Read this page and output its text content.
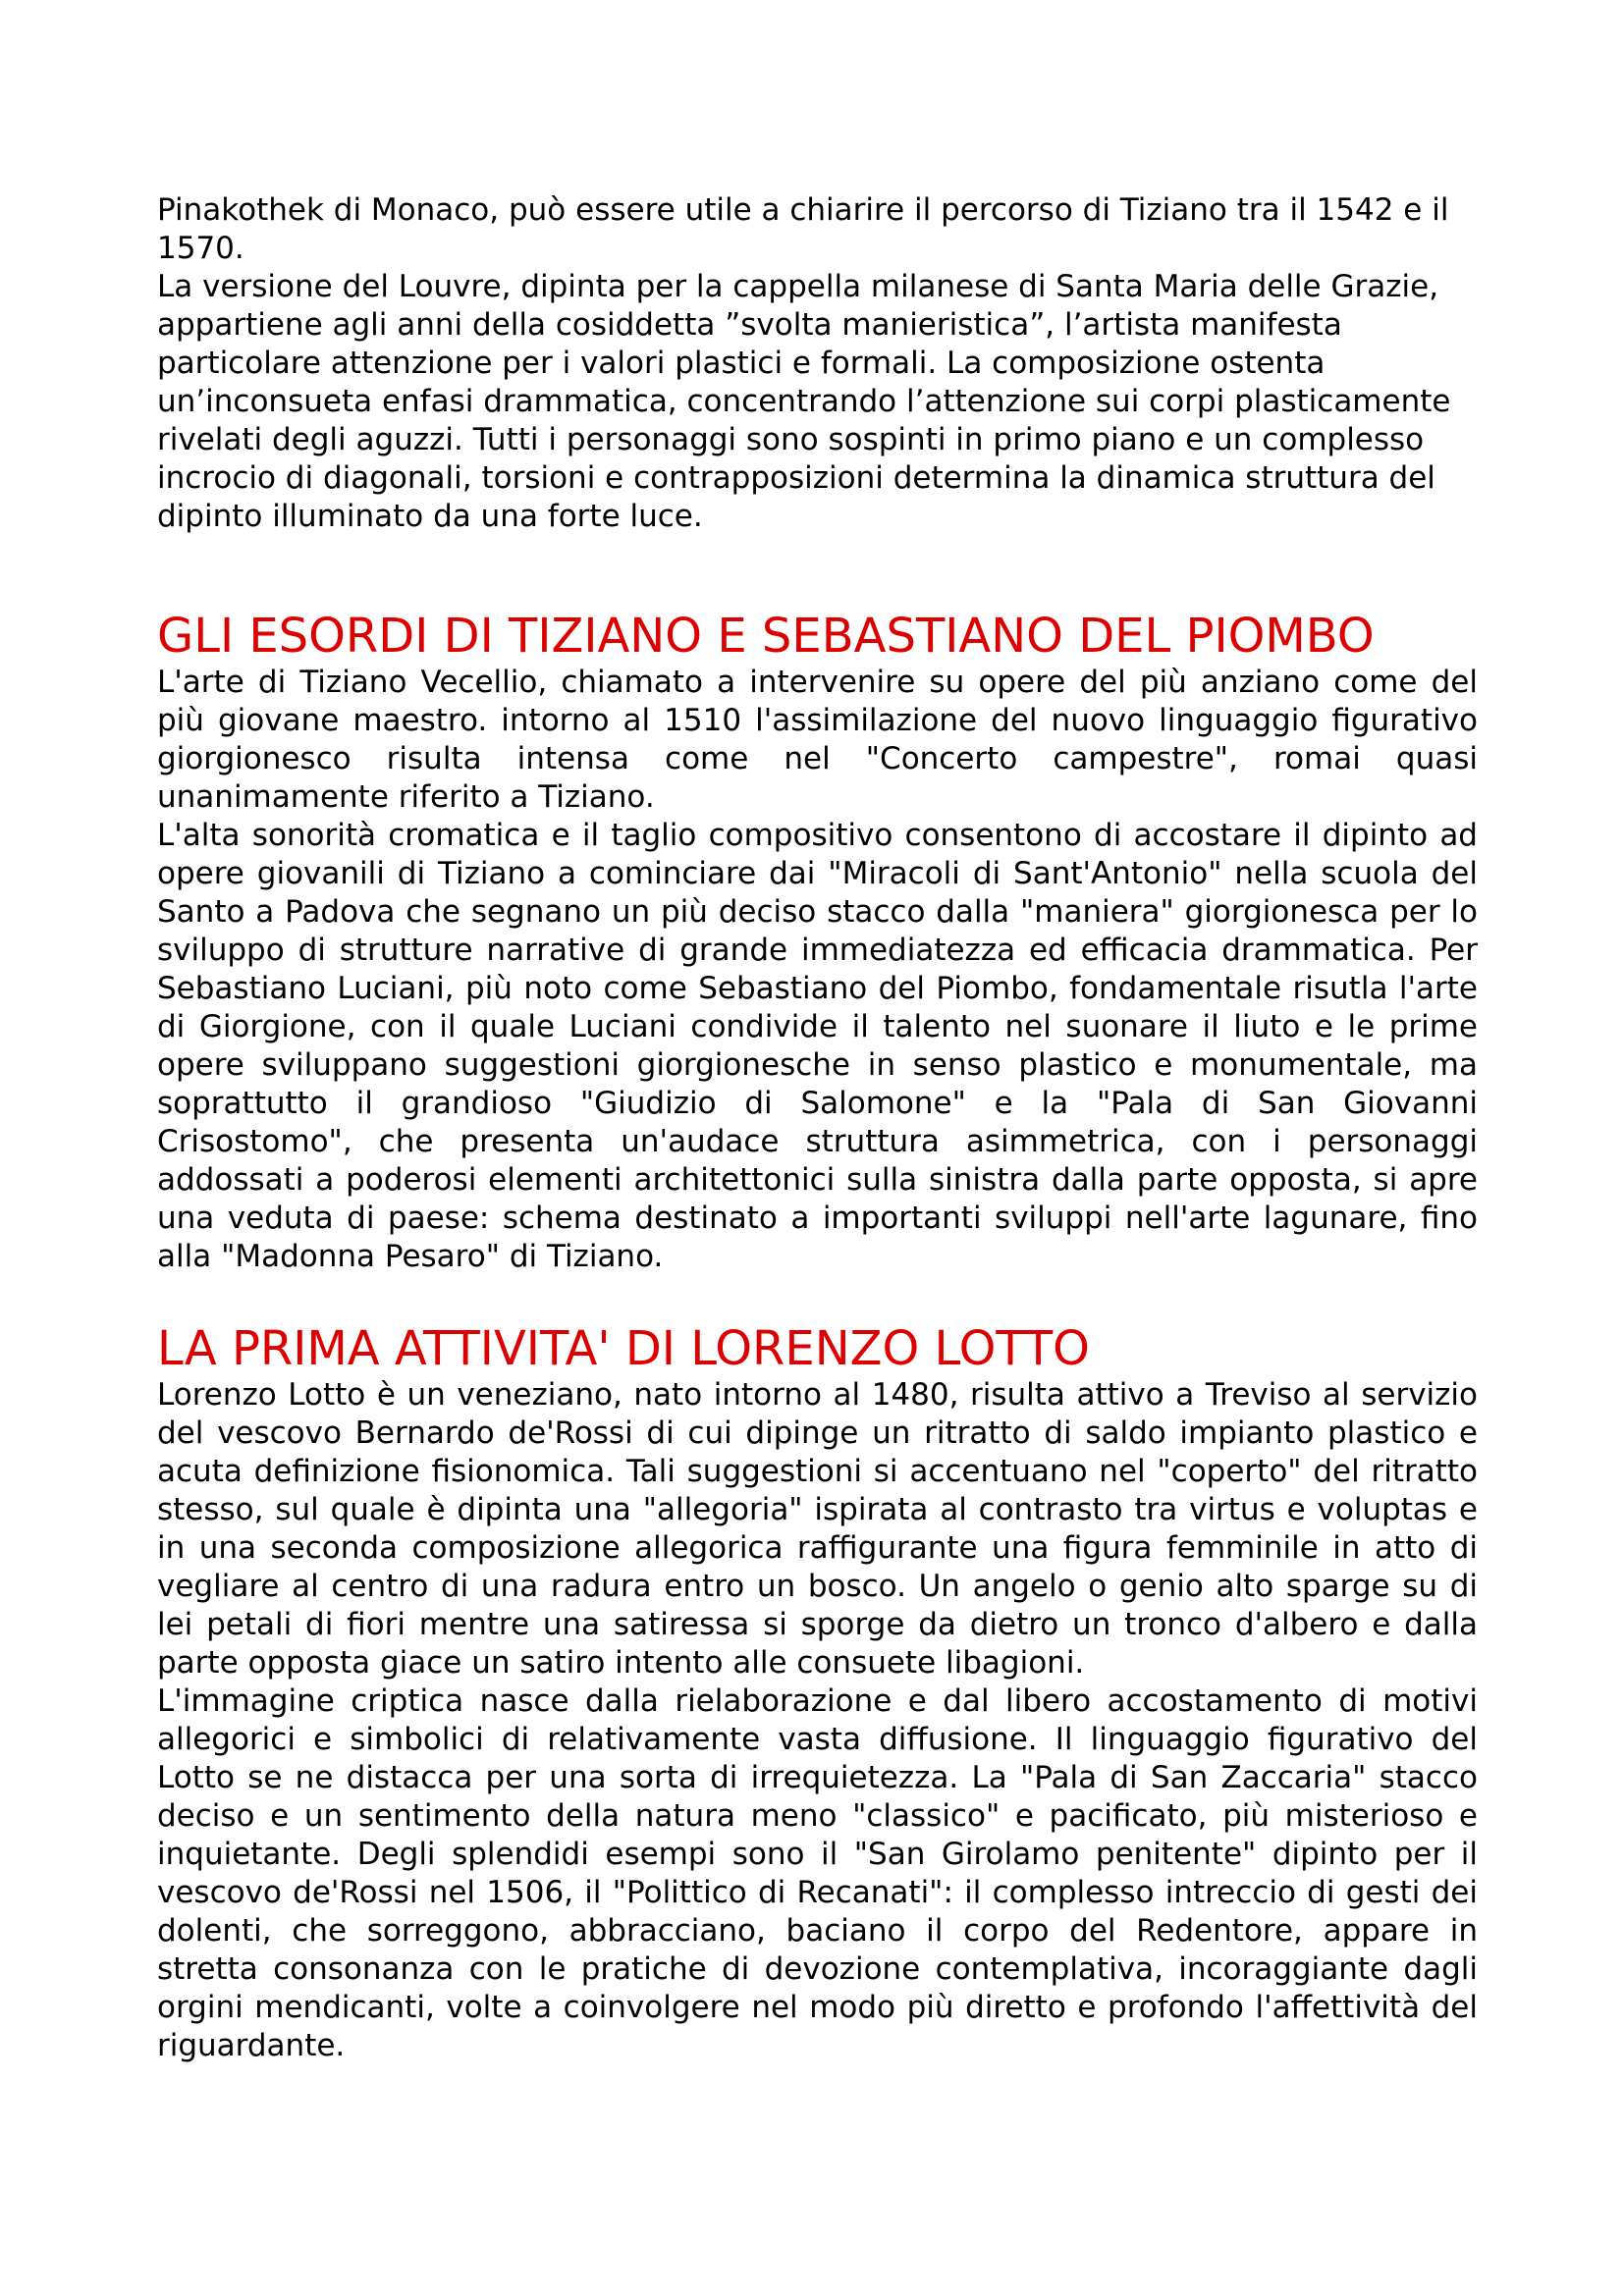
Pinakothek di Monaco, può essere utile a chiarire il percorso di Tiziano tra il 1542 e il 1570.

La versione del Louvre, dipinta per la cappella milanese di Santa Maria delle Grazie, appartiene agli anni della cosiddetta ”svolta manieristica”, l’artista manifesta particolare attenzione per i valori plastici e formali. La composizione ostenta un’inconsueta enfasi drammatica, concentrando l’attenzione sui corpi plasticamente rivelati degli aguzzi. Tutti i personaggi sono sospinti in primo piano e un complesso incrocio di diagonali, torsioni e contrapposizioni determina la dinamica struttura del dipinto illuminato da una forte luce.

GLI ESORDI DI TIZIANO E SEBASTIANO DEL PIOMBO

L'arte di Tiziano Vecellio, chiamato a intervenire su opere del più anziano come del più giovane maestro. intorno al 1510 l'assimilazione del nuovo linguaggio figurativo giorgionesco risulta intensa come nel "Concerto campestre", romai quasi unanimamente riferito a Tiziano.

L'alta sonorità cromatica e il taglio compositivo consentono di accostare il dipinto ad opere giovanili di Tiziano a cominciare dai "Miracoli di Sant'Antonio" nella scuola del Santo a Padova che segnano un più deciso stacco dalla "maniera" giorgionesca per lo sviluppo di strutture narrative di grande immediatezza ed efficacia drammatica. Per Sebastiano Luciani, più noto come Sebastiano del Piombo, fondamentale risutla l'arte di Giorgione, con il quale Luciani condivide il talento nel suonare il liuto e le prime opere sviluppano suggestioni giorgionesche in senso plastico e monumentale, ma soprattutto il grandioso "Giudizio di Salomone" e la "Pala di San Giovanni Crisostomo", che presenta un'audace struttura asimmetrica, con i personaggi addossati a poderosi elementi architettonici sulla sinistra dalla parte opposta, si apre una veduta di paese: schema destinato a importanti sviluppi nell'arte lagunare, fino alla "Madonna Pesaro" di Tiziano.

LA PRIMA ATTIVITA' DI LORENZO LOTTO

Lorenzo Lotto è un veneziano, nato intorno al 1480, risulta attivo a Treviso al servizio del vescovo Bernardo de'Rossi di cui dipinge un ritratto di saldo impianto plastico e acuta definizione fisionomica. Tali suggestioni si accentuano nel "coperto" del ritratto stesso, sul quale è dipinta una "allegoria" ispirata al contrasto tra virtus e voluptas e in una seconda composizione allegorica raffigurante una figura femminile in atto di vegliare al centro di una radura entro un bosco. Un angelo o genio alto sparge su di lei petali di fiori mentre una satiressa si sporge da dietro un tronco d'albero e dalla parte opposta giace un satiro intento alle consuete libagioni.

L'immagine criptica nasce dalla rielaborazione e dal libero accostamento di motivi allegorici e simbolici di relativamente vasta diffusione. Il linguaggio figurativo del Lotto se ne distacca per una sorta di irrequietezza. La "Pala di San Zaccaria" stacco deciso e un sentimento della natura meno "classico" e pacificato, più misterioso e inquietante. Degli splendidi esempi sono il "San Girolamo penitente" dipinto per il vescovo de'Rossi nel 1506, il "Polittico di Recanati": il complesso intreccio di gesti dei dolenti, che sorreggono, abbracciano, baciano il corpo del Redentore, appare in stretta consonanza con le pratiche di devozione contemplativa, incoraggiante dagli orgini mendicanti, volte a coinvolgere nel modo più diretto e profondo l'affettività del riguardante.
